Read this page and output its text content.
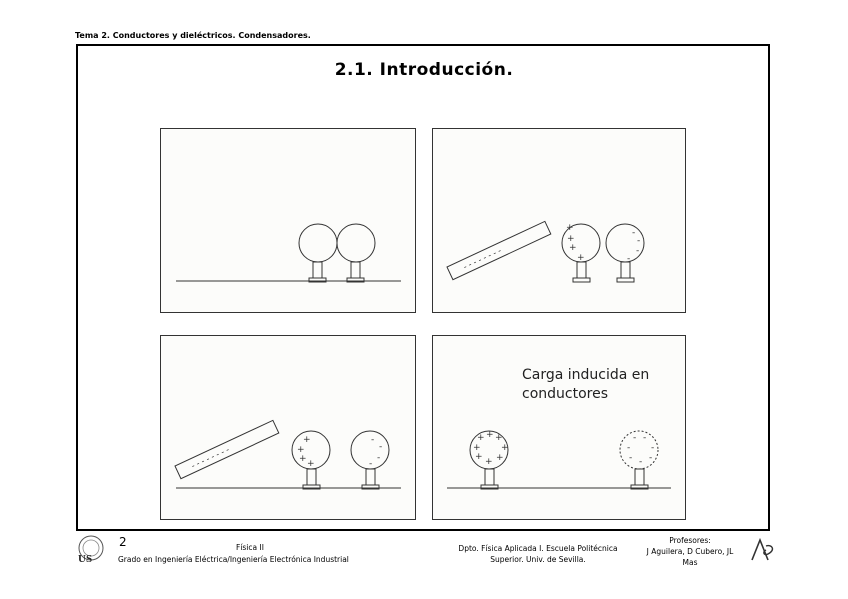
Tema 2. Conductores y dieléctricos. Condensadores.
2.1. Introducción.
- - - - - - - -
+
+
+
+
-
-
-
-
- - - - - - - -
+
+
+ +
-
-
-
-
+ + +
+ +
+ + +
- -
- -
- - -
Carga inducida en
conductores
US
2	Física II
Grado en Ingeniería Eléctrica/Ingeniería Electrónica Industrial
Dpto. Física Aplicada I. Escuela Politécnica
Superior. Univ. de Sevilla.
Profesores:
J Aguilera, D Cubero, JL
Mas
